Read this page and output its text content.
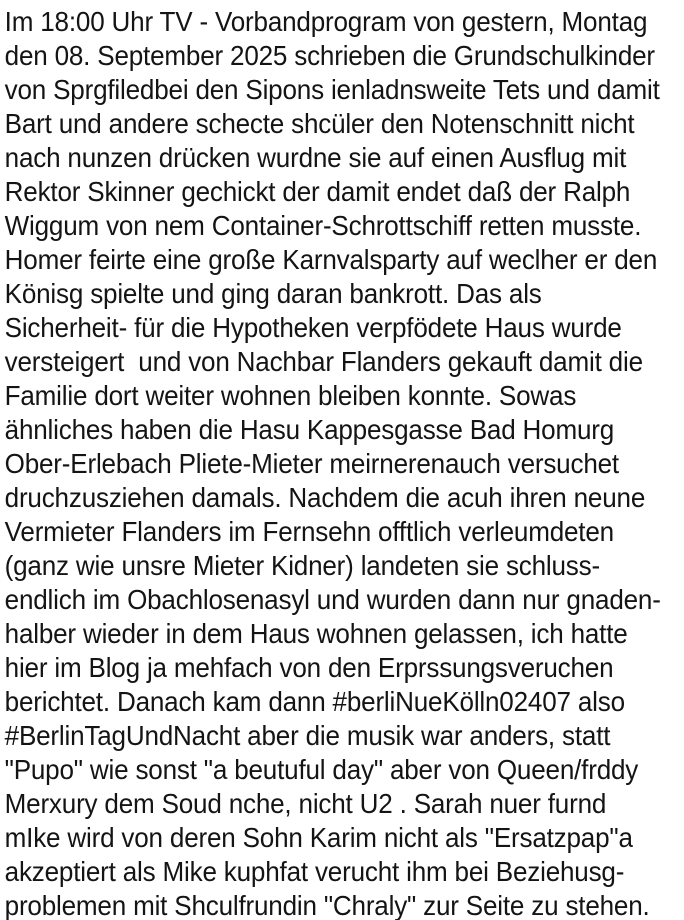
Im 18:00 Uhr TV - Vorbandprogram von gestern, Montag
den 08. September 2025 schrieben die Grundschulkinder
von Sprgfiledbei den Sipons ienladnsweite Tets und damit
Bart und andere schecte shcüler den Notenschnitt nicht
nach nunzen drücken wurdne sie auf einen Ausflug mit
Rektor Skinner gechickt der damit endet daß der Ralph
Wiggum von nem Container-Schrottschiff retten musste.
Homer feirte eine große Karnvalsparty auf weclher er den
Könisg spielte und ging daran bankrott. Das als
Sicherheit- für die Hypotheken verpfödete Haus wurde
versteigert  und von Nachbar Flanders gekauft damit die
Familie dort weiter wohnen bleiben konnte. Sowas
ähnliches haben die Hasu Kappesgasse Bad Homurg
Ober-Erlebach Pliete-Mieter meirnerenauch versuchet
druchzusziehen damals. Nachdem die acuh ihren neune
Vermieter Flanders im Fernsehn offtlich verleumdeten
(ganz wie unsre Mieter Kidner) landeten sie schluss-
endlich im Obachlosenasyl und wurden dann nur gnaden-
halber wieder in dem Haus wohnen gelassen, ich hatte
hier im Blog ja mehfach von den Erprssungsveruchen
berichtet. Danach kam dann #berliNueKölln02407 also
#BerlinTagUndNacht aber die musik war anders, statt
"Pupo" wie sonst "a beutuful day" aber von Queen/frddy
Merxury dem Soud nche, nicht U2 . Sarah nuer furnd
mIke wird von deren Sohn Karim nicht als "Ersatzpap"a
akzeptiert als Mike kuphfat verucht ihm bei Beziehusg-
problemen mit Shculfrundin "Chraly" zur Seite zu stehen.
